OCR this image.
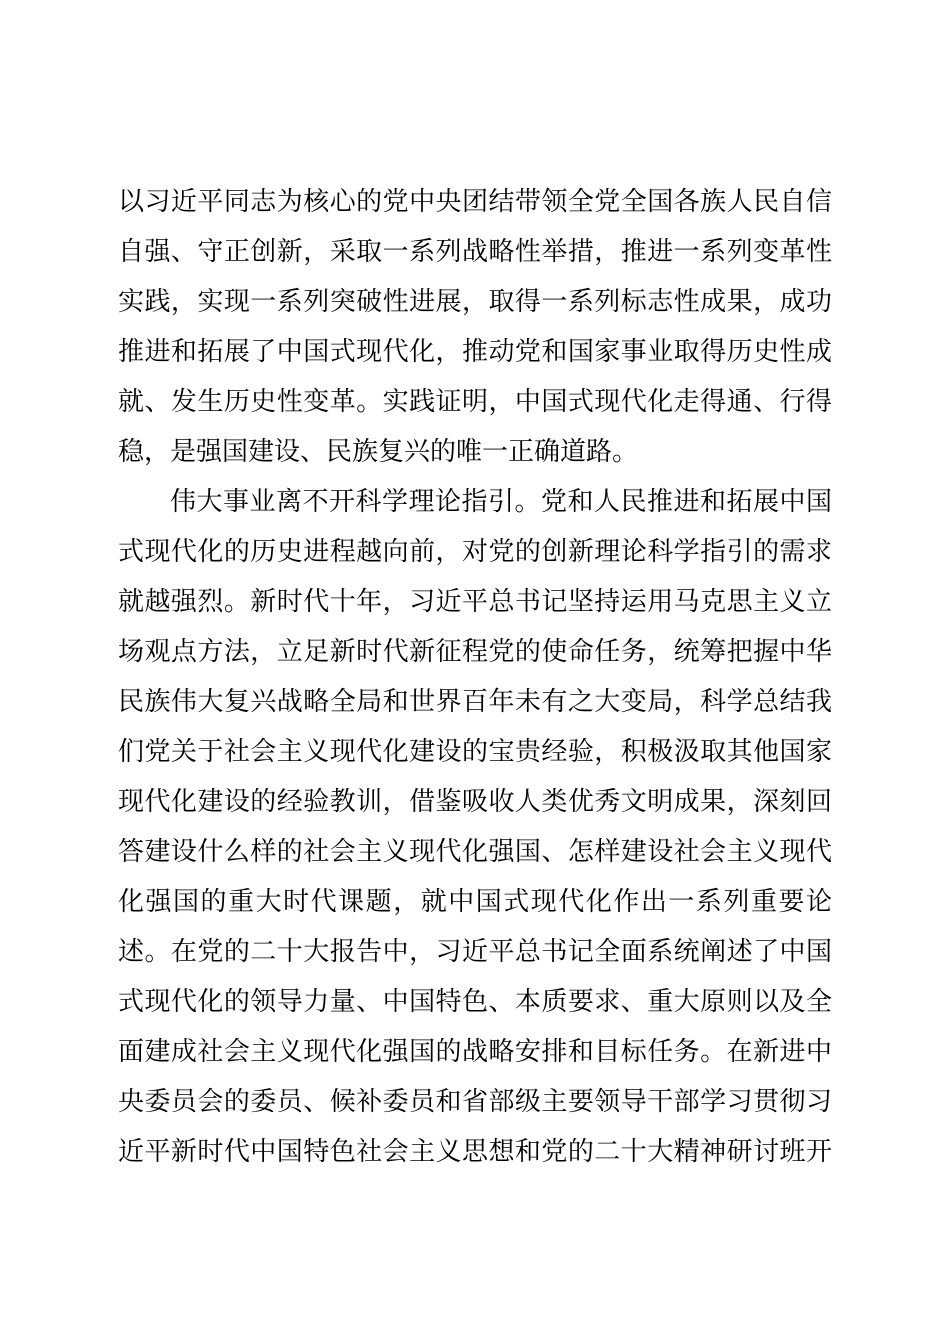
以习近平同志为核心的党中央团结带领全党全国各族人民自信
自强、守正创新，采取一系列战略性举措，推进一系列变革性
实践，实现一系列突破性进展，取得一系列标志性成果，成功
推进和拓展了中国式现代化，推动党和国家事业取得历史性成
就、发生历史性变革。实践证明，中国式现代化走得通、行得
稳，是强国建设、民族复兴的唯一正确道路。
伟大事业离不开科学理论指引。党和人民推进和拓展中国
式现代化的历史进程越向前，对党的创新理论科学指引的需求
就越强烈。新时代十年，习近平总书记坚持运用马克思主义立
场观点方法，立足新时代新征程党的使命任务，统筹把握中华
民族伟大复兴战略全局和世界百年未有之大变局，科学总结我
们党关于社会主义现代化建设的宝贵经验，积极汲取其他国家
现代化建设的经验教训，借鉴吸收人类优秀文明成果，深刻回
答建设什么样的社会主义现代化强国、怎样建设社会主义现代
化强国的重大时代课题，就中国式现代化作出一系列重要论
述。在党的二十大报告中，习近平总书记全面系统阐述了中国
式现代化的领导力量、中国特色、本质要求、重大原则以及全
面建成社会主义现代化强国的战略安排和目标任务。在新进中
央委员会的委员、候补委员和省部级主要领导干部学习贯彻习
近平新时代中国特色社会主义思想和党的二十大精神研讨班开
